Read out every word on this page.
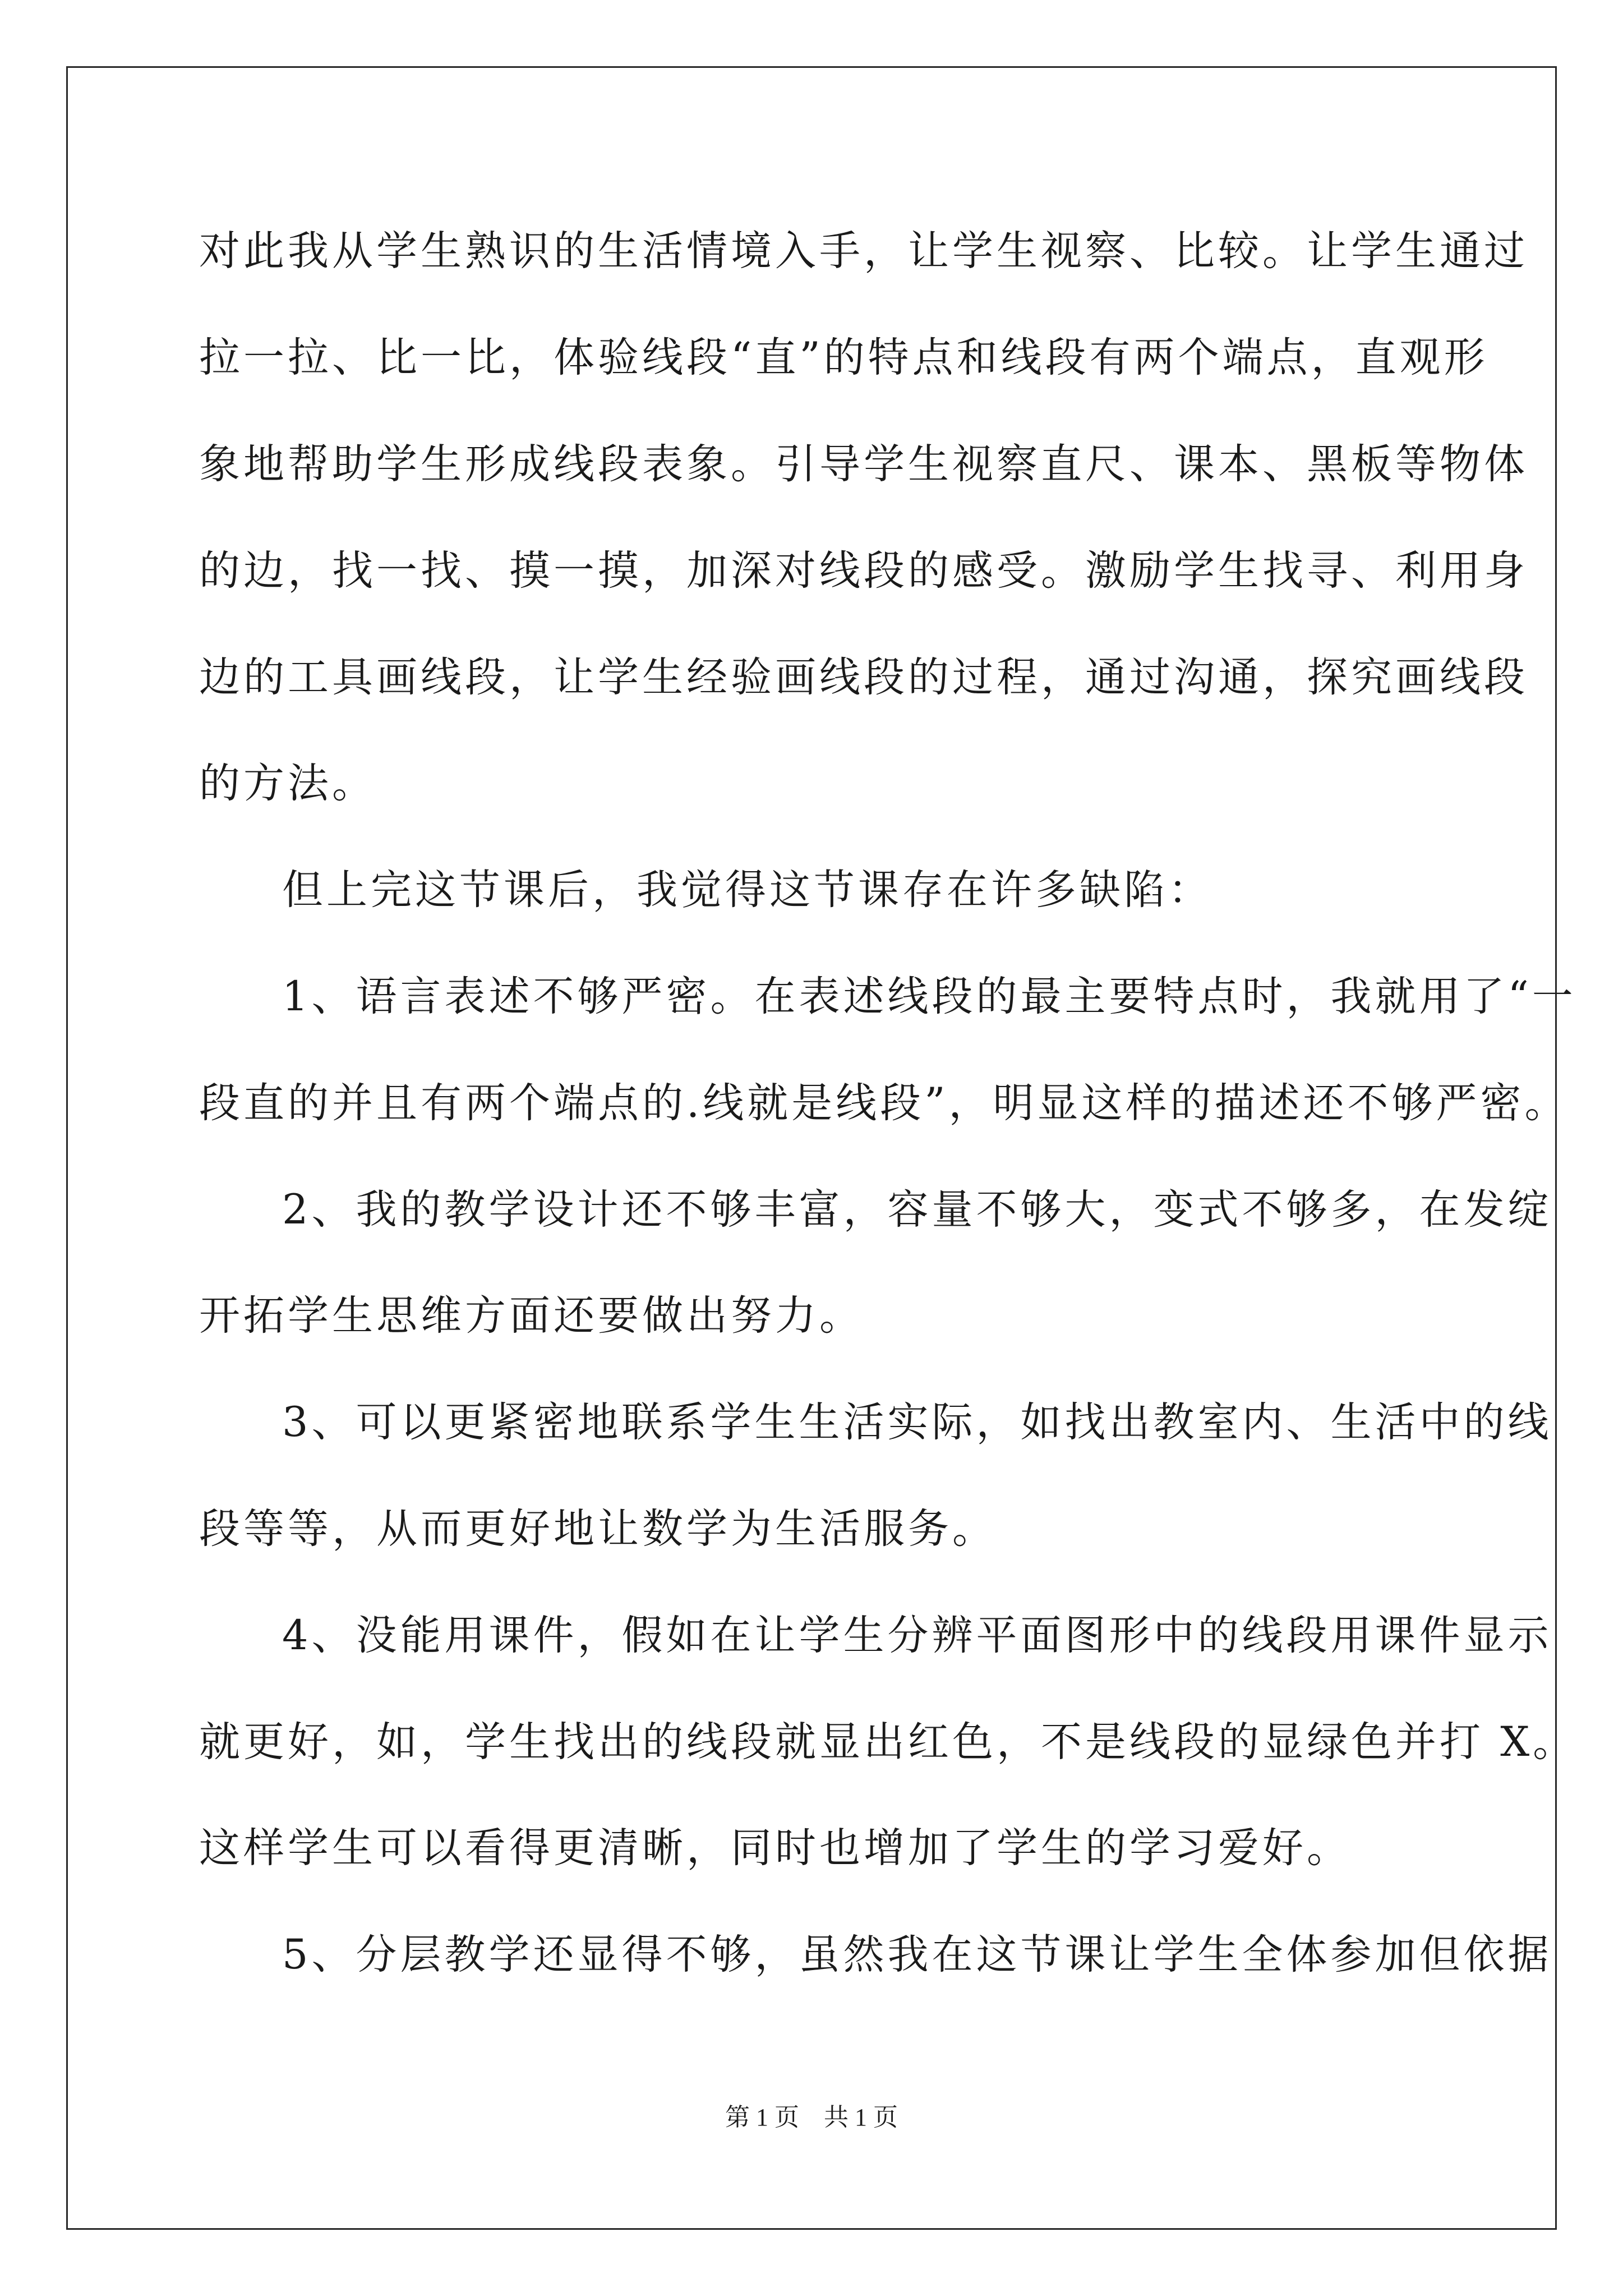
对此我从学生熟识的生活情境入手，让学生视察、比较。让学生通过
拉一拉、比一比，体验线段“直”的特点和线段有两个端点，直观形
象地帮助学生形成线段表象。引导学生视察直尺、课本、黑板等物体
的边，找一找、摸一摸，加深对线段的感受。激励学生找寻、利用身
边的工具画线段，让学生经验画线段的过程，通过沟通，探究画线段
的方法。
但上完这节课后，我觉得这节课存在许多缺陷：
1、语言表述不够严密。在表述线段的最主要特点时，我就用了“一
段直的并且有两个端点的.线就是线段”，明显这样的描述还不够严密。
2、我的教学设计还不够丰富，容量不够大，变式不够多，在发绽
开拓学生思维方面还要做出努力。
3、可以更紧密地联系学生生活实际，如找出教室内、生活中的线
段等等，从而更好地让数学为生活服务。
4、没能用课件，假如在让学生分辨平面图形中的线段用课件显示
就更好，如，学生找出的线段就显出红色，不是线段的显绿色并打 X。
这样学生可以看得更清晰，同时也增加了学生的学习爱好。
5、分层教学还显得不够，虽然我在这节课让学生全体参加但依据
第 1 页 共 1 页
